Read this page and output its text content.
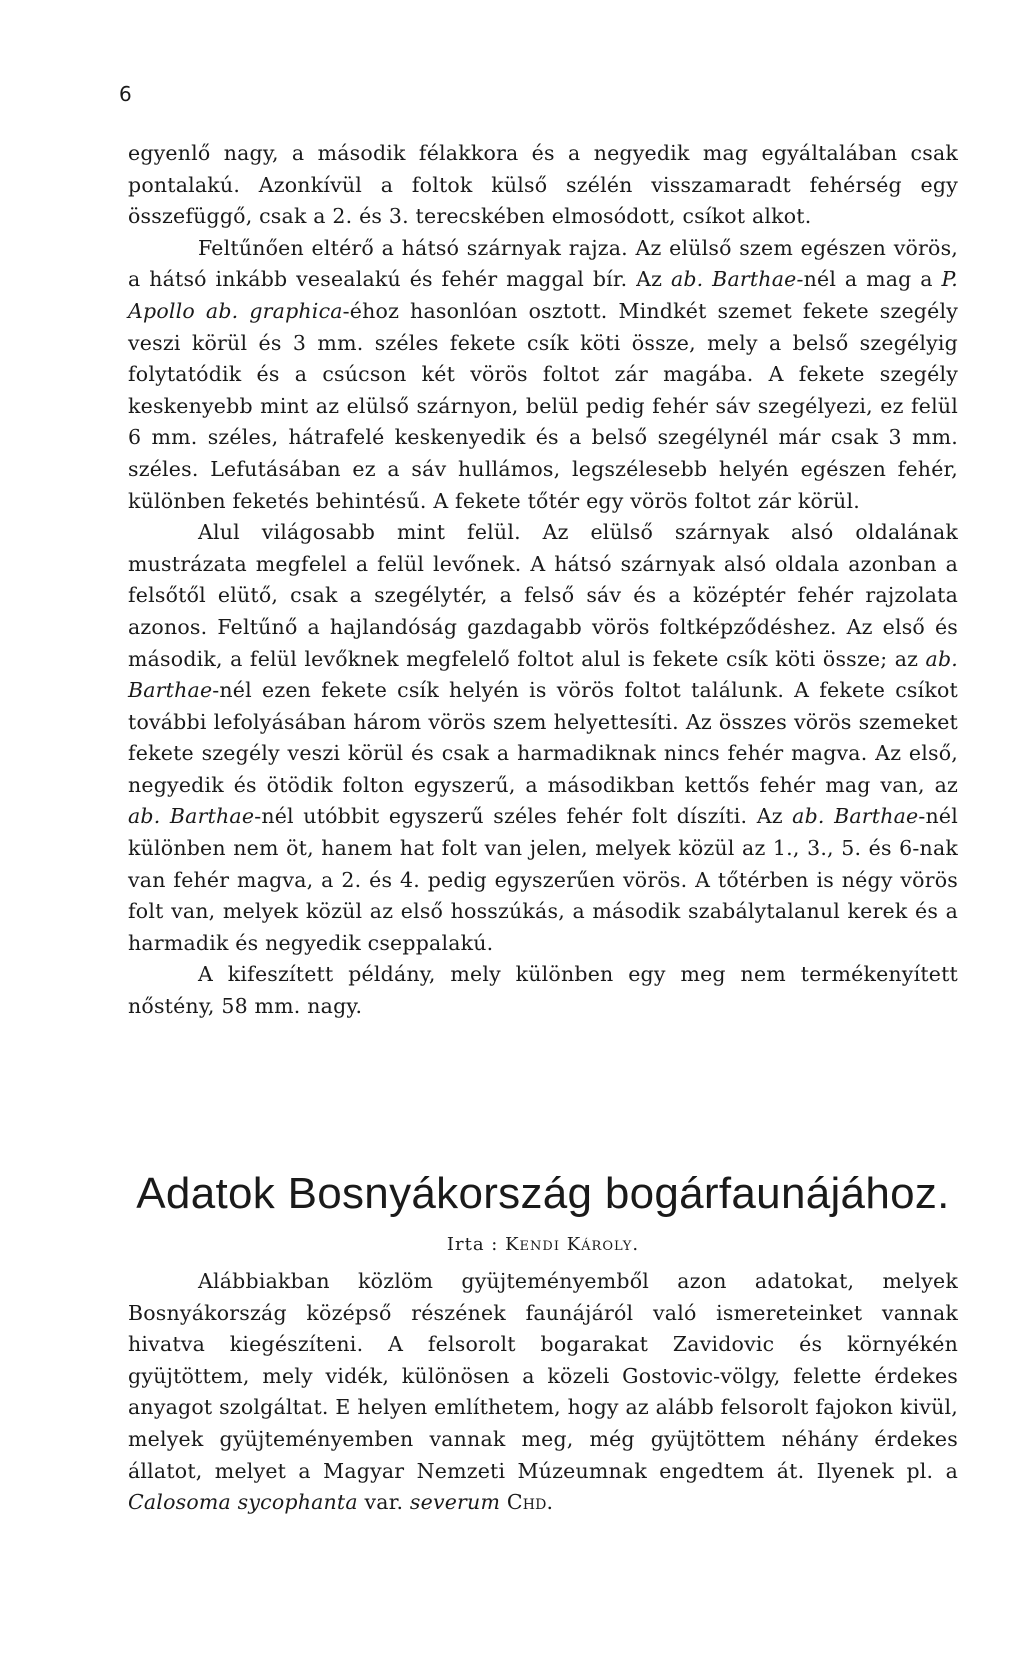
6

egyenlő nagy, a második félakkora és a negyedik mag egyáltalában csak pontalakú. Azonkívül a foltok külső szélén visszamaradt fehérség egy összefüggő, csak a 2. és 3. terecskében elmosódott, csíkot alkot.
Feltűnően eltérő a hátsó szárnyak rajza. Az elülső szem egészen vörös, a hátsó inkább vesealakú és fehér maggal bír. Az ab. Barthae-nél a mag a P. Apollo ab. graphica-éhoz hasonlóan osztott. Mindkét szemet fekete szegély veszi körül és 3 mm. széles fekete csík köti össze, mely a belső szegélyig folytatódik és a csúcson két vörös foltot zár magába. A fekete szegély keskenyebb mint az elülső szárnyon, belül pedig fehér sáv szegélyezi, ez felül 6 mm. széles, hátrafelé keskenyedik és a belső szegélynél már csak 3 mm. széles. Lefutásában ez a sáv hullámos, legszélesebb helyén egészen fehér, különben feketés behintésű. A fekete tőtér egy vörös foltot zár körül.

Alul világosabb mint felül. Az elülső szárnyak alsó oldalának mustrázata megfelel a felül levőnek. A hátsó szárnyak alsó oldala azonban a felsőtől elütő, csak a szegélytér, a felső sáv és a középtér fehér rajzolata azonos. Feltűnő a hajlandóság gazdagabb vörös foltképződéshez. Az első és második, a felül levőknek megfelelő foltot alul is fekete csík köti össze; az ab. Barthae-nél ezen fekete csík helyén is vörös foltot találunk. A fekete csíkot további lefolyásában három vörös szem helyettesíti. Az összes vörös szemeket fekete szegély veszi körül és csak a harmadiknak nincs fehér magva. Az első, negyedik és ötödik folton egyszerű, a másodikban kettős fehér mag van, az ab. Barthae-nél utóbbit egyszerű széles fehér folt díszíti. Az ab. Barthae-nél különben nem öt, hanem hat folt van jelen, melyek közül az 1., 3., 5. és 6-nak van fehér magva, a 2. és 4. pedig egyszerűen vörös. A tőtérben is négy vörös folt van, melyek közül az első hosszúkás, a második szabálytalanul kerek és a harmadik és negyedik cseppalakú.

A kifeszített példány, mely különben egy meg nem termékenyített nőstény, 58 mm. nagy.

Adatok Bosnyákország bogárfaunájához.
Irta : Kendi Károly.

Alábbiakban közlöm gyüjteményemből azon adatokat, melyek Bosnyákország középső részének faunájáról való ismereteinket vannak hivatva kiegészíteni. A felsorolt bogarakat Zavidovic és környékén gyüjtöttem, mely vidék, különösen a közeli Gostovic-völgy, felette érdekes anyagot szolgáltat. E helyen említhetem, hogy az alább felsorolt fajokon kivül, melyek gyüjteményemben vannak meg, még gyüjtöttem néhány érdekes állatot, melyet a Magyar Nemzeti Múzeumnak engedtem át. Ilyenek pl. a Calosoma sycophanta var. severum Chd.
